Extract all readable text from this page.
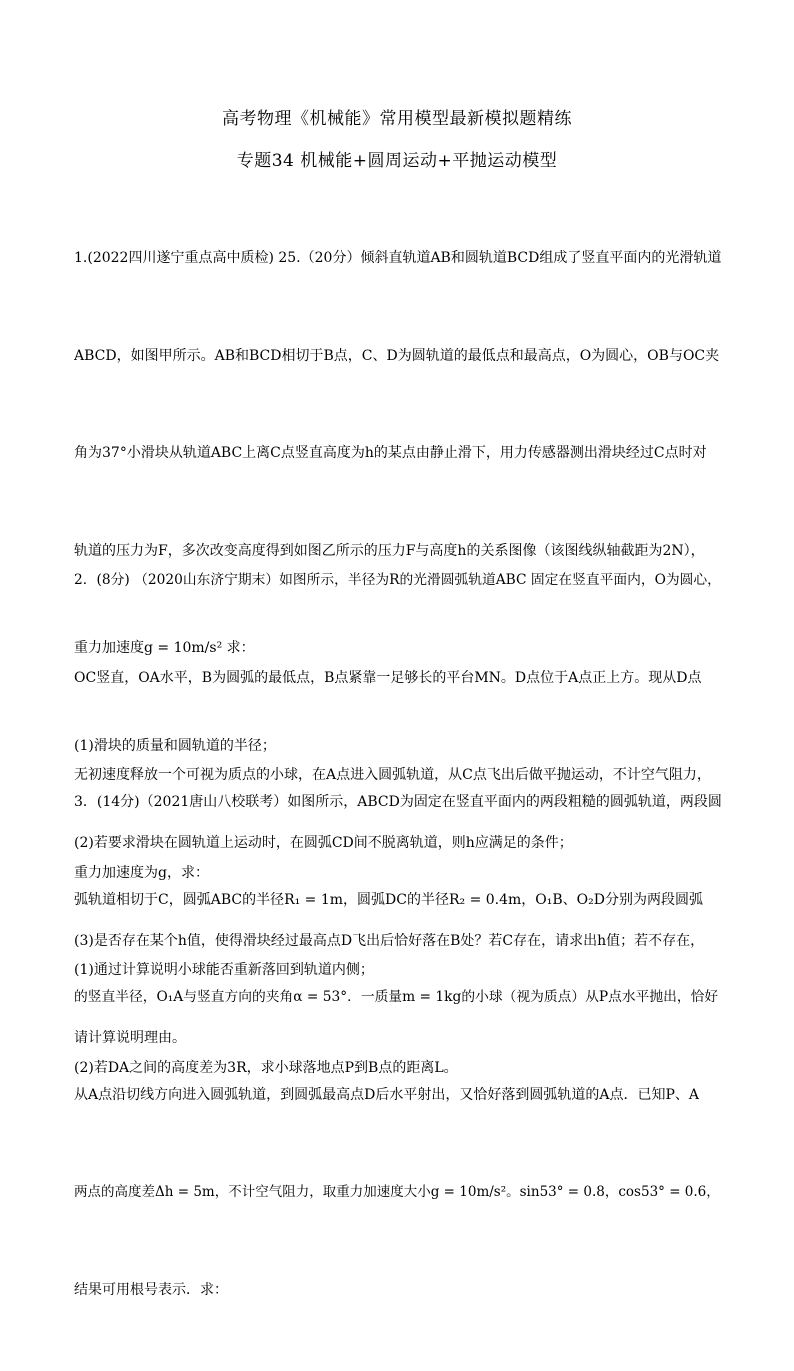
高考物理《机械能》常用模型最新模拟题精练
专题34 机械能+圆周运动+平抛运动模型

1.(2022四川遂宁重点高中质检) 25.（20分）倾斜直轨道AB和圆轨道BCD组成了竖直平面内的光滑轨道

ABCD，如图甲所示。AB和BCD相切于B点，C、D为圆轨道的最低点和最高点，O为圆心，OB与OC夹

角为37°小滑块从轨道ABC上离C点竖直高度为h的某点由静止滑下，用力传感器测出滑块经过C点时对

轨道的压力为F，多次改变高度得到如图乙所示的压力F与高度h的关系图像（该图线纵轴截距为2N），

重力加速度g = 10m/s² 求：

(1)滑块的质量和圆轨道的半径；

(2)若要求滑块在圆轨道上运动时，在圆弧CD间不脱离轨道，则h应满足的条件；

(3)是否存在某个h值，使得滑块经过最高点D飞出后恰好落在B处？若C存在，请求出h值；若不存在，

请计算说明理由。

2．(8分) （2020山东济宁期末）如图所示，半径为R的光滑圆弧轨道ABC 固定在竖直平面内，O为圆心，

OC竖直，OA水平，B为圆弧的最低点，B点紧靠一足够长的平台MN。D点位于A点正上方。现从D点

无初速度释放一个可视为质点的小球，在A点进入圆弧轨道，从C点飞出后做平抛运动，不计空气阻力，

重力加速度为g，求：

(1)通过计算说明小球能否重新落回到轨道内侧；

(2)若DA之间的高度差为3R，求小球落地点P到B点的距离L。

3．(14分)（2021唐山八校联考）如图所示，ABCD为固定在竖直平面内的两段粗糙的圆弧轨道，两段圆

弧轨道相切于C，圆弧ABC的半径R₁ = 1m，圆弧DC的半径R₂ = 0.4m，O₁B、O₂D分别为两段圆弧

的竖直半径，O₁A与竖直方向的夹角α = 53°．一质量m = 1kg的小球（视为质点）从P点水平抛出，恰好

从A点沿切线方向进入圆弧轨道，到圆弧最高点D后水平射出，又恰好落到圆弧轨道的A点．已知P、A

两点的高度差Δh = 5m，不计空气阻力，取重力加速度大小g = 10m/s²。sin53° = 0.8，cos53° = 0.6，

结果可用根号表示．求：
